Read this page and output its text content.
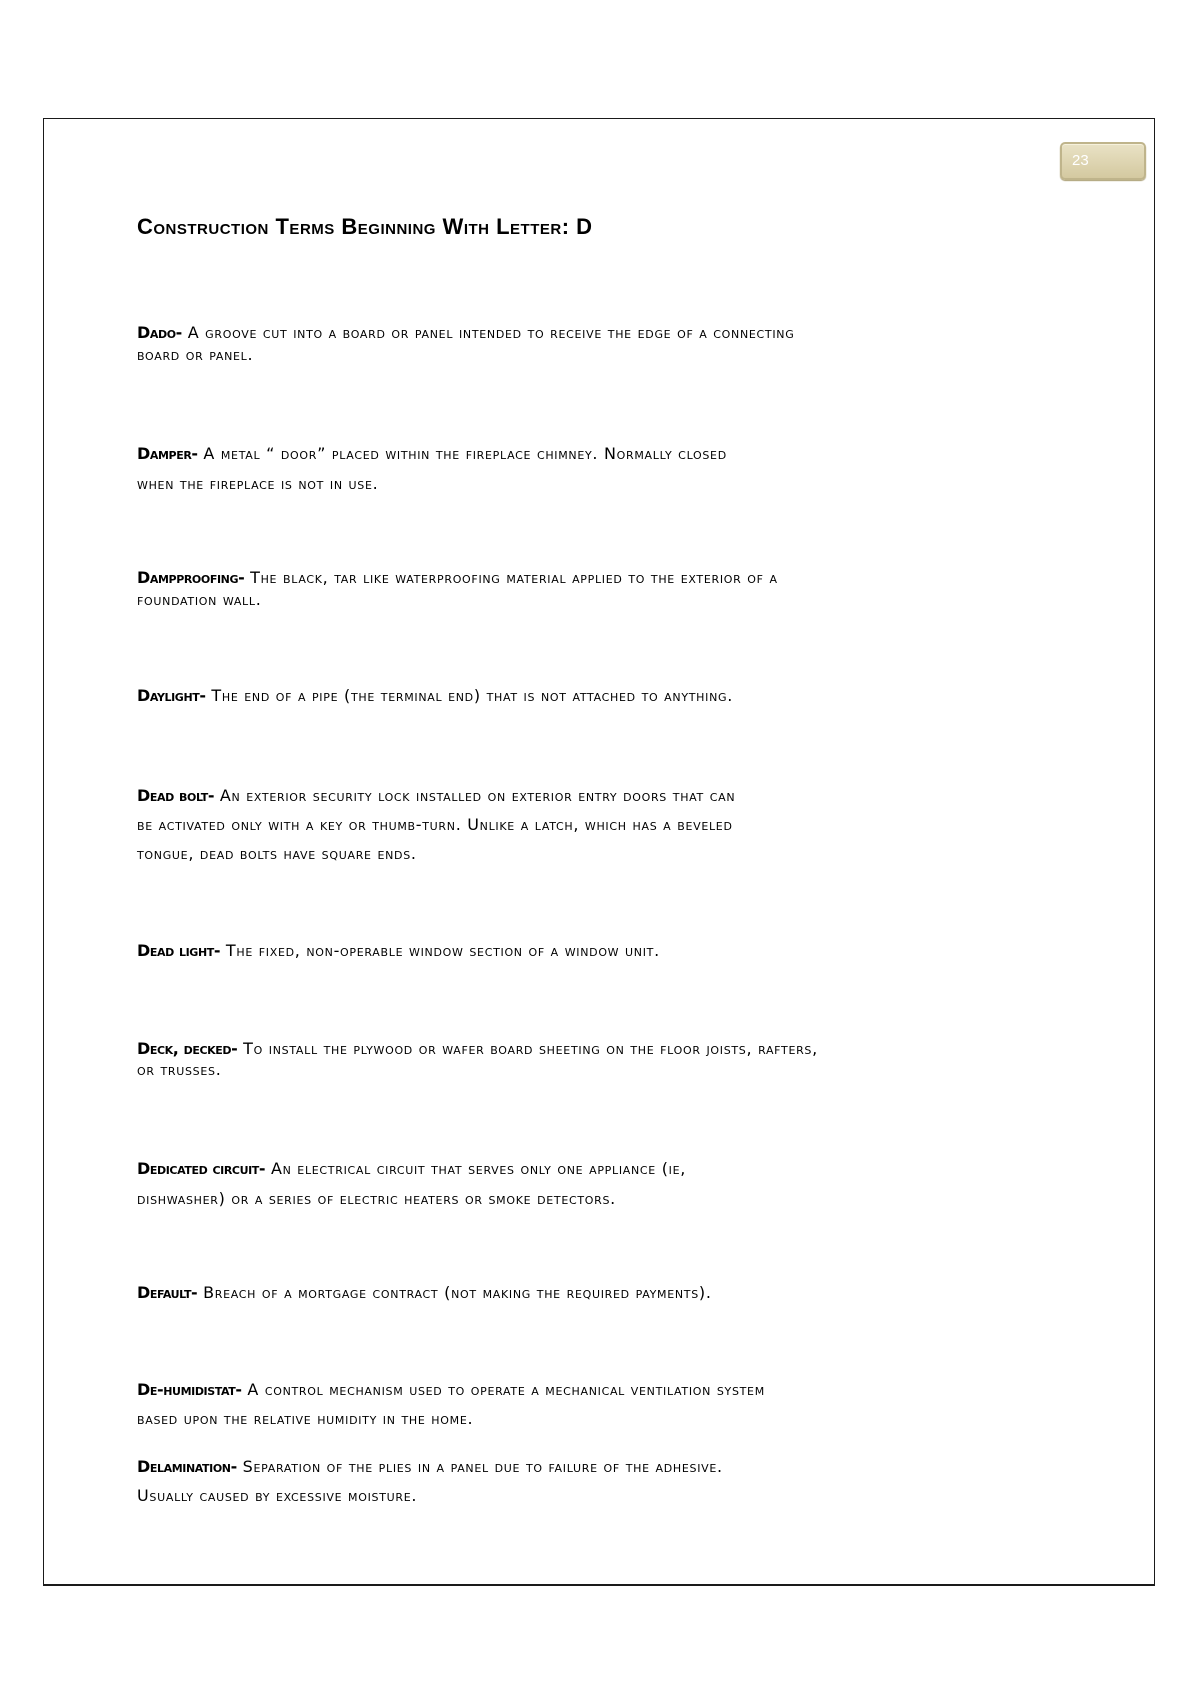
23
Construction Terms Beginning With Letter: D
Dado- A groove cut into a board or panel intended to receive the edge of a connecting
board or panel.
Damper- A metal “ door” placed within the fireplace chimney. Normally closed
when the fireplace is not in use.
Dampproofing- The black, tar like waterproofing material applied to the exterior of a
foundation wall.
Daylight- The end of a pipe (the terminal end) that is not attached to anything.
Dead bolt- An exterior security lock installed on exterior entry doors that can
be activated only with a key or thumb-turn. Unlike a latch, which has a beveled
tongue, dead bolts have square ends.
Dead light- The fixed, non-operable window section of a window unit.
Deck, decked- To install the plywood or wafer board sheeting on the floor joists, rafters,
or trusses.
Dedicated circuit- An electrical circuit that serves only one appliance (ie,
dishwasher) or a series of electric heaters or smoke detectors.
Default- Breach of a mortgage contract (not making the required payments).
De-humidistat- A control mechanism used to operate a mechanical ventilation system
based upon the relative humidity in the home.
Delamination- Separation of the plies in a panel due to failure of the adhesive.
Usually caused by excessive moisture.
